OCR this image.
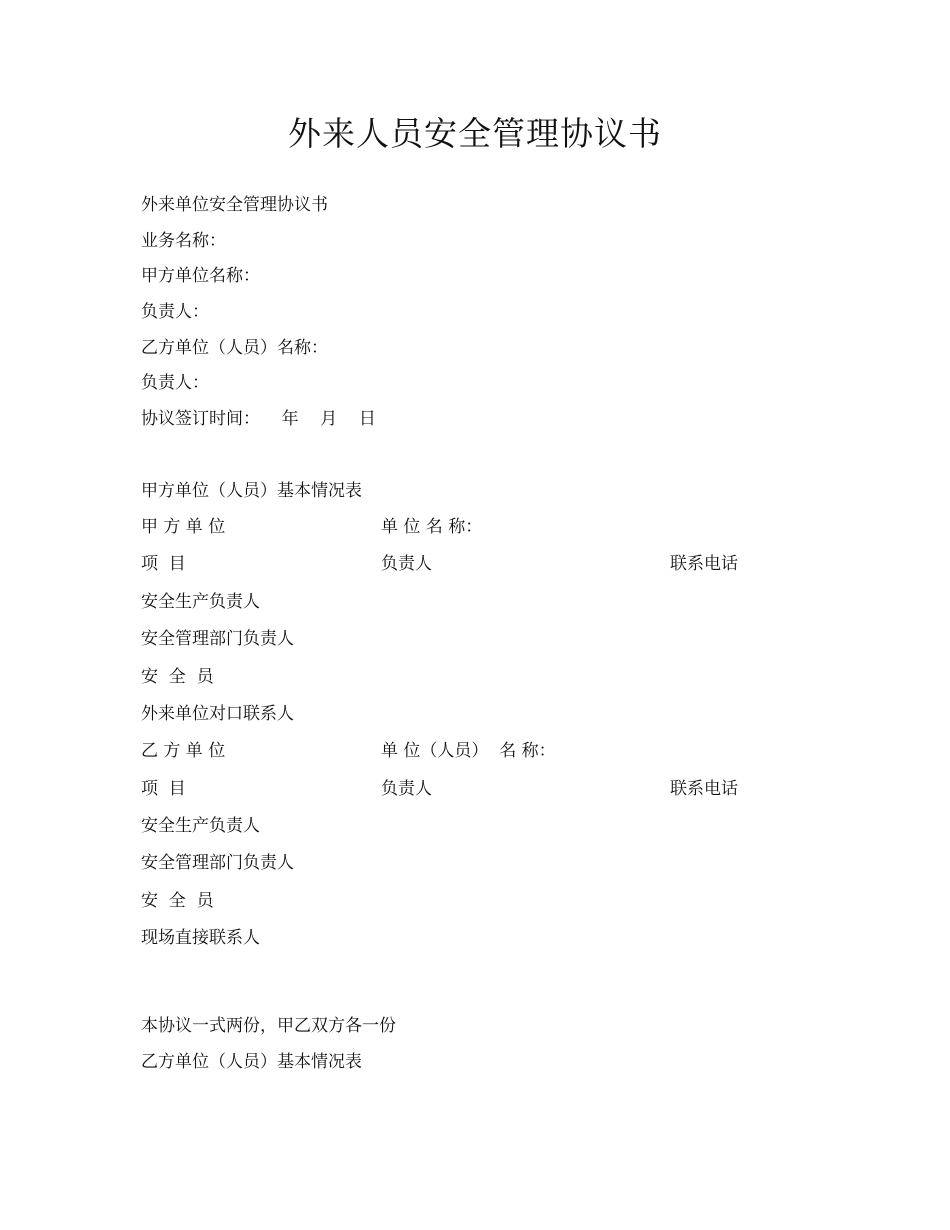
外来人员安全管理协议书
外来单位安全管理协议书
业务名称：
甲方单位名称：
负责人：
乙方单位（人员）名称：
负责人：
协议签订时间：    年    月    日
甲方单位（人员）基本情况表
甲 方 单 位	单 位 名 称：
项  目	负责人	联系电话
安全生产负责人
安全管理部门负责人
安  全  员
外来单位对口联系人
乙 方 单 位	单 位（人员）  名 称：
项  目	负责人	联系电话
安全生产负责人
安全管理部门负责人
安  全  员
现场直接联系人
本协议一式两份，甲乙双方各一份
乙方单位（人员）基本情况表
